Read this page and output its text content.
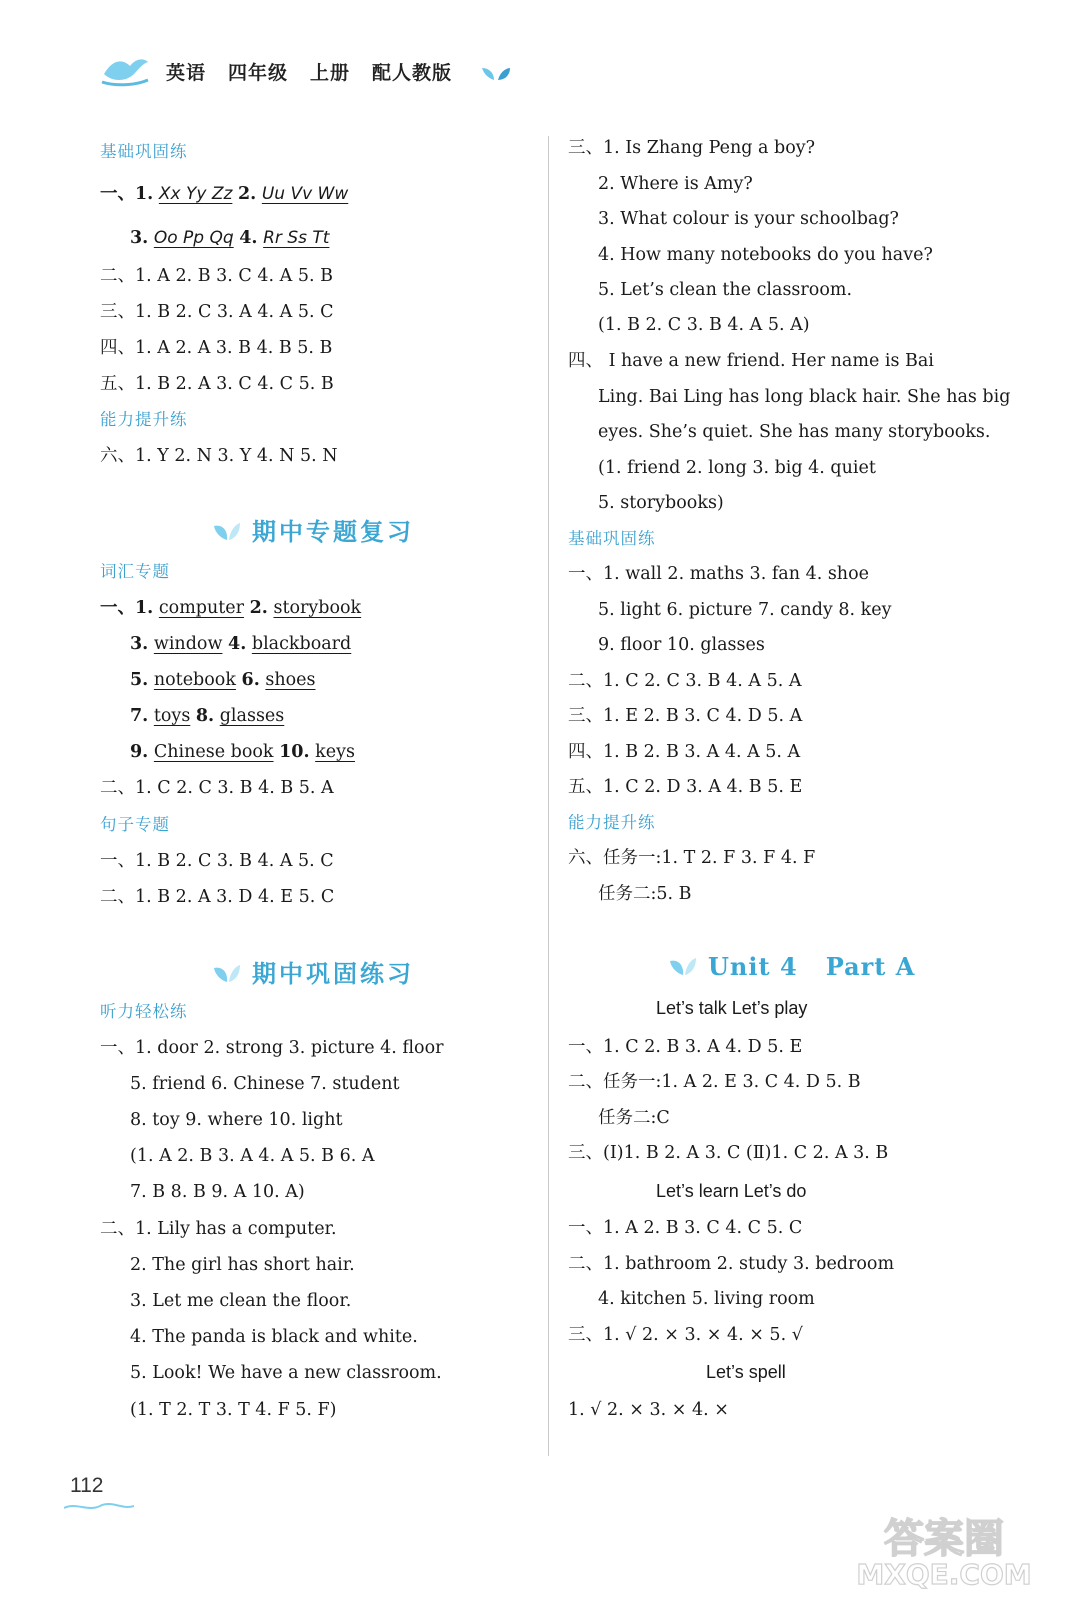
英语 四年级 上册 配人教版
基础巩固练
一、1. Xx Yy Zz 2. Uu Vv Ww
3. Oo Pp Qq 4. Rr Ss Tt
二、1. A 2. B 3. C 4. A 5. B
三、1. B 2. C 3. A 4. A 5. C
四、1. A 2. A 3. B 4. B 5. B
五、1. B 2. A 3. C 4. C 5. B
能力提升练
六、1. Y 2. N 3. Y 4. N 5. N
期中专题复习
词汇专题
一、1. computer 2. storybook
3. window 4. blackboard
5. notebook 6. shoes
7. toys 8. glasses
9. Chinese book 10. keys
二、1. C 2. C 3. B 4. B 5. A
句子专题
一、1. B 2. C 3. B 4. A 5. C
二、1. B 2. A 3. D 4. E 5. C
期中巩固练习
听力轻松练
一、1. door 2. strong 3. picture 4. floor
5. friend 6. Chinese 7. student
8. toy 9. where 10. light
(1. A 2. B 3. A 4. A 5. B 6. A
7. B 8. B 9. A 10. A)
二、1. Lily has a computer.
2. The girl has short hair.
3. Let me clean the floor.
4. The panda is black and white.
5. Look! We have a new classroom.
(1. T 2. T 3. T 4. F 5. F)
三、1. Is Zhang Peng a boy?
2. Where is Amy?
3. What colour is your schoolbag?
4. How many notebooks do you have?
5. Let’s clean the classroom.
(1. B 2. C 3. B 4. A 5. A)
四、 I have a new friend. Her name is Bai
Ling. Bai Ling has long black hair. She has big
eyes. She’s quiet. She has many storybooks.
(1. friend 2. long 3. big 4. quiet
5. storybooks)
基础巩固练
一、1. wall 2. maths 3. fan 4. shoe
5. light 6. picture 7. candy 8. key
9. floor 10. glasses
二、1. C 2. C 3. B 4. A 5. A
三、1. E 2. B 3. C 4. D 5. A
四、1. B 2. B 3. A 4. A 5. A
五、1. C 2. D 3. A 4. B 5. E
能力提升练
六、任务一:1. T 2. F 3. F 4. F
任务二:5. B
Unit 4   Part A
Let’s talk Let’s play
一、1. C 2. B 3. A 4. D 5. E
二、任务一:1. A 2. E 3. C 4. D 5. B
任务二:C
三、(Ⅰ)1. B 2. A 3. C (Ⅱ)1. C 2. A 3. B
Let’s learn Let’s do
一、1. A 2. B 3. C 4. C 5. C
二、1. bathroom 2. study 3. bedroom
4. kitchen 5. living room
三、1. √ 2. × 3. × 4. × 5. √
Let’s spell
1. √ 2. × 3. × 4. ×
112
答案圈
MXQE.COM
